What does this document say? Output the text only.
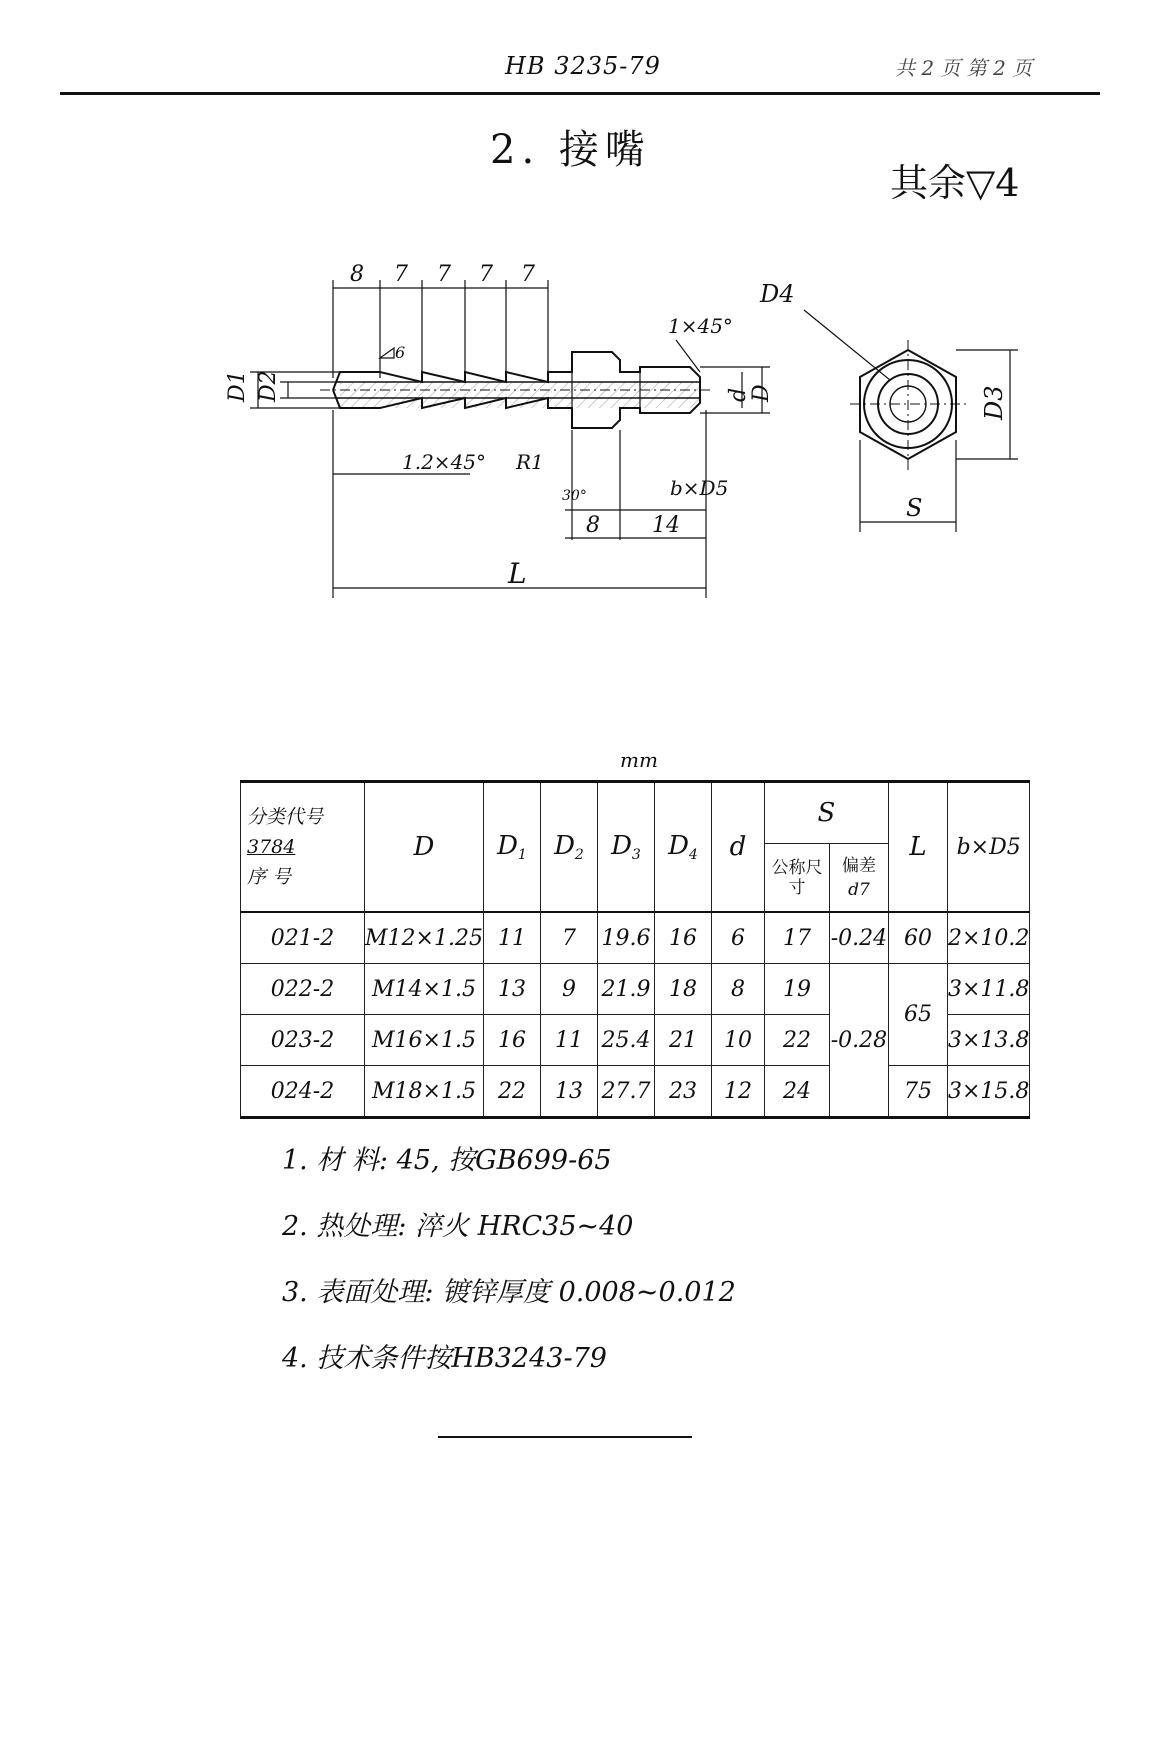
HB 3235-79	共 2 页 第 2 页
2. 接嘴
其余▽4
8 7 7 7 7
D1 D2
6
1.2×45° R1
30°
1×45°
b×D5
d
D
8 14
L
D4
D3
S
mm
分类代号
3784
序 号	D	$D_1$	$D_2$	$D_3$	$D_4$	d	S		L	b×D5
							公称尺寸	偏差
d7		

021-2	M12×1.25	11	7	19.6	16	6	17	-0.24	60	2×10.2
022-2	M14×1.5	13	9	21.9	18	8	19	-0.28	65	3×11.8
023-2	M16×1.5	16	11	25.4	21	10	22			3×13.8
024-2	M18×1.5	22	13	27.7	23	12	24		75	3×15.8
1. 材 料: 45, 按GB699-65
2. 热处理: 淬火 HRC35~40
3. 表面处理: 镀锌厚度 0.008~0.012
4. 技术条件按HB3243-79
